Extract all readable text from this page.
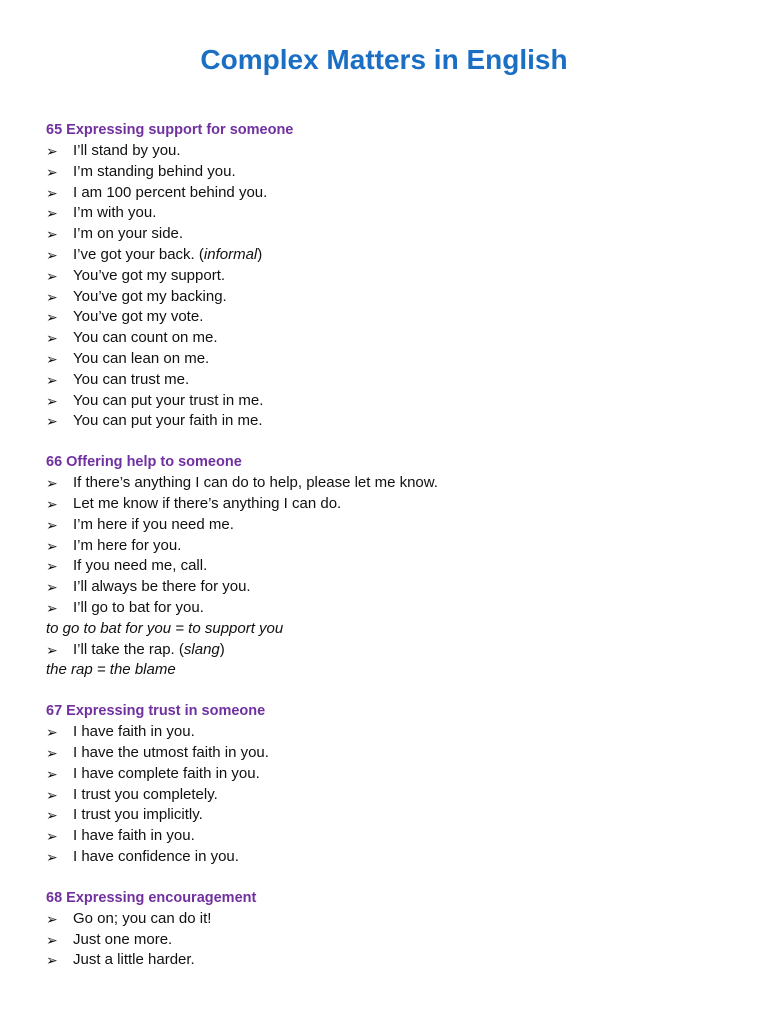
Complex Matters in English
65 Expressing support for someone
➢	I’ll stand by you.
➢	I’m standing behind you.
➢	I am 100 percent behind you.
➢	I’m with you.
➢	I’m on your side.
➢	I’ve got your back. (informal)
➢	You’ve got my support.
➢	You’ve got my backing.
➢	You’ve got my vote.
➢	You can count on me.
➢	You can lean on me.
➢	You can trust me.
➢	You can put your trust in me.
➢	You can put your faith in me.
66 Offering help to someone
➢	If there’s anything I can do to help, please let me know.
➢	Let me know if there’s anything I can do.
➢	I’m here if you need me.
➢	I’m here for you.
➢	If you need me, call.
➢	I’ll always be there for you.
➢	I’ll go to bat for you.
to go to bat for you = to support you
➢	I’ll take the rap. (slang)
the rap = the blame
67 Expressing trust in someone
➢	I have faith in you.
➢	I have the utmost faith in you.
➢	I have complete faith in you.
➢	I trust you completely.
➢	I trust you implicitly.
➢	I have faith in you.
➢	I have confidence in you.
68 Expressing encouragement
➢	Go on; you can do it!
➢	Just one more.
➢	Just a little harder.
